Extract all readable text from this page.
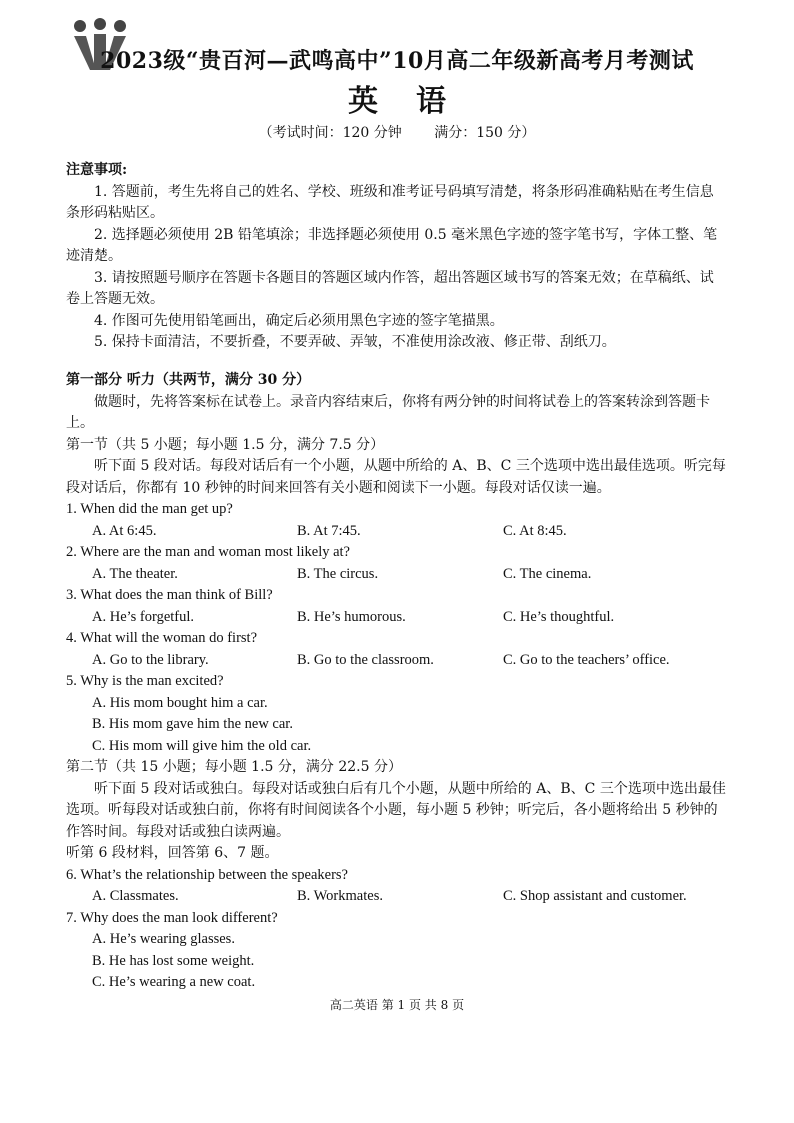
2023级“贵百河—武鸣高中”10月高二年级新高考月考测试
英语
（考试时间：120 分钟 满分：150 分）
注意事项:

1. 答题前，考生先将自己的姓名、学校、班级和准考证号码填写清楚，将条形码准确粘贴在考生信息条形码粘贴区。

2. 选择题必须使用 2B 铅笔填涂；非选择题必须使用 0.5 毫米黑色字迹的签字笔书写，字体工整、笔迹清楚。

3. 请按照题号顺序在答题卡各题目的答题区域内作答，超出答题区域书写的答案无效；在草稿纸、试卷上答题无效。

4. 作图可先使用铅笔画出，确定后必须用黑色字迹的签字笔描黑。

5. 保持卡面清洁，不要折叠，不要弄破、弄皱，不准使用涂改液、修正带、刮纸刀。

第一部分 听力（共两节，满分 30 分）

做题时，先将答案标在试卷上。录音内容结束后，你将有两分钟的时间将试卷上的答案转涂到答题卡上。

第一节（共 5 小题；每小题 1.5 分，满分 7.5 分）

听下面 5 段对话。每段对话后有一个小题，从题中所给的 A、B、C 三个选项中选出最佳选项。听完每段对话后，你都有 10 秒钟的时间来回答有关小题和阅读下一小题。每段对话仅读一遍。

1. When did the man get up?

A. At 6:45.	B. At 7:45.	C. At 8:45.

2. Where are the man and woman most likely at?

A. The theater.	B. The circus.	C. The cinema.

3. What does the man think of Bill?

A. He’s forgetful.	B. He’s humorous.	C. He’s thoughtful.

4. What will the woman do first?

A. Go to the library.	B. Go to the classroom.	C. Go to the teachers’ office.

5. Why is the man excited?

A. His mom bought him a car.

B. His mom gave him the new car.

C. His mom will give him the old car.

第二节（共 15 小题；每小题 1.5 分，满分 22.5 分）

听下面 5 段对话或独白。每段对话或独白后有几个小题，从题中所给的 A、B、C 三个选项中选出最佳选项。听每段对话或独白前，你将有时间阅读各个小题，每小题 5 秒钟；听完后，各小题将给出 5 秒钟的作答时间。每段对话或独白读两遍。

听第 6 段材料，回答第 6、7 题。

6. What’s the relationship between the speakers?

A. Classmates.	B. Workmates.	C. Shop assistant and customer.

7. Why does the man look different?

A. He’s wearing glasses.

B. He has lost some weight.

C. He’s wearing a new coat.

高二英语 第 1 页 共 8 页
